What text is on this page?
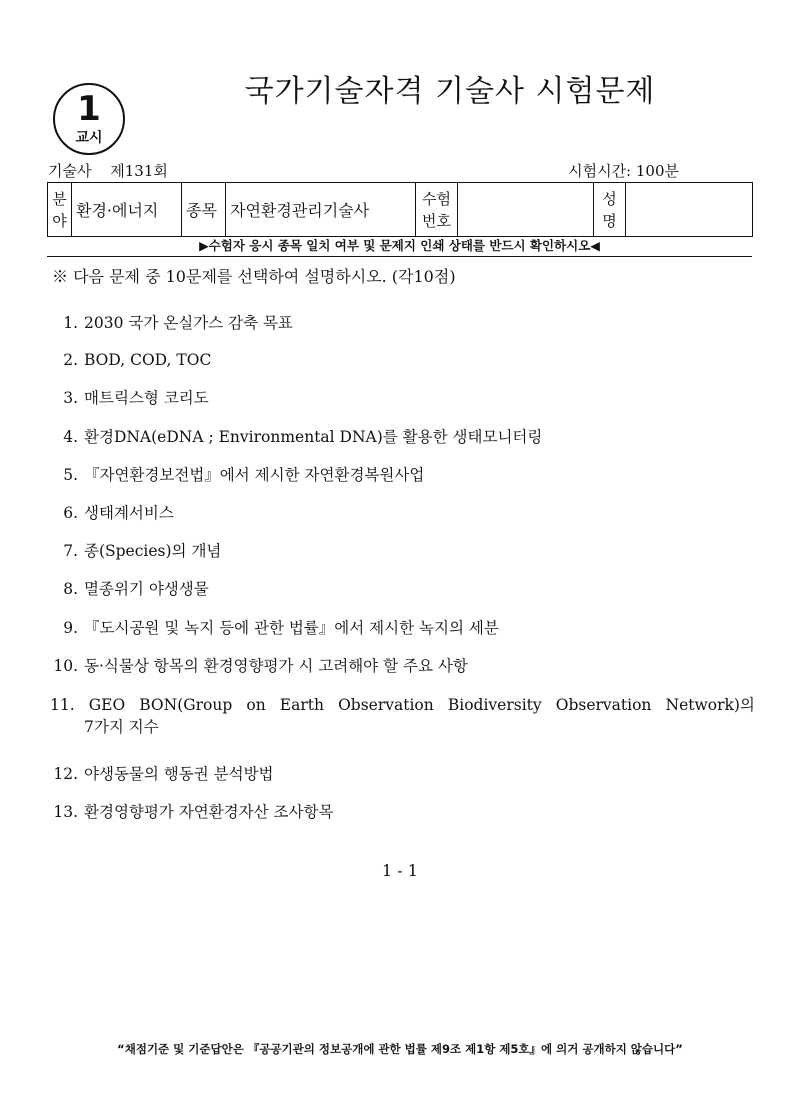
1
교시
국가기술자격 기술사 시험문제
기술사 제131회	시험시간: 100분
분야	환경·에너지	종목	자연환경관리기술사	수험번호		성명	
▶수험자 응시 종목 일치 여부 및 문제지 인쇄 상태를 반드시 확인하시오◀
※ 다음 문제 중 10문제를 선택하여 설명하시오. (각10점)
1. 2030 국가 온실가스 감축 목표
2. BOD, COD, TOC
3. 매트릭스형 코리도
4. 환경DNA(eDNA ; Environmental DNA)를 활용한 생태모니터링
5. 『자연환경보전법』에서 제시한 자연환경복원사업
6. 생태계서비스
7. 종(Species)의 개념
8. 멸종위기 야생생물
9. 『도시공원 및 녹지 등에 관한 법률』에서 제시한 녹지의 세분
10. 동·식물상 항목의 환경영향평가 시 고려해야 할 주요 사항
11. GEO BON(Group on Earth Observation Biodiversity Observation Network)의
7가지 지수
12. 야생동물의 행동권 분석방법
13. 환경영향평가 자연환경자산 조사항목
1 - 1
“채점기준 및 기준답안은 『공공기관의 정보공개에 관한 법률 제9조 제1항 제5호』에 의거 공개하지 않습니다”
